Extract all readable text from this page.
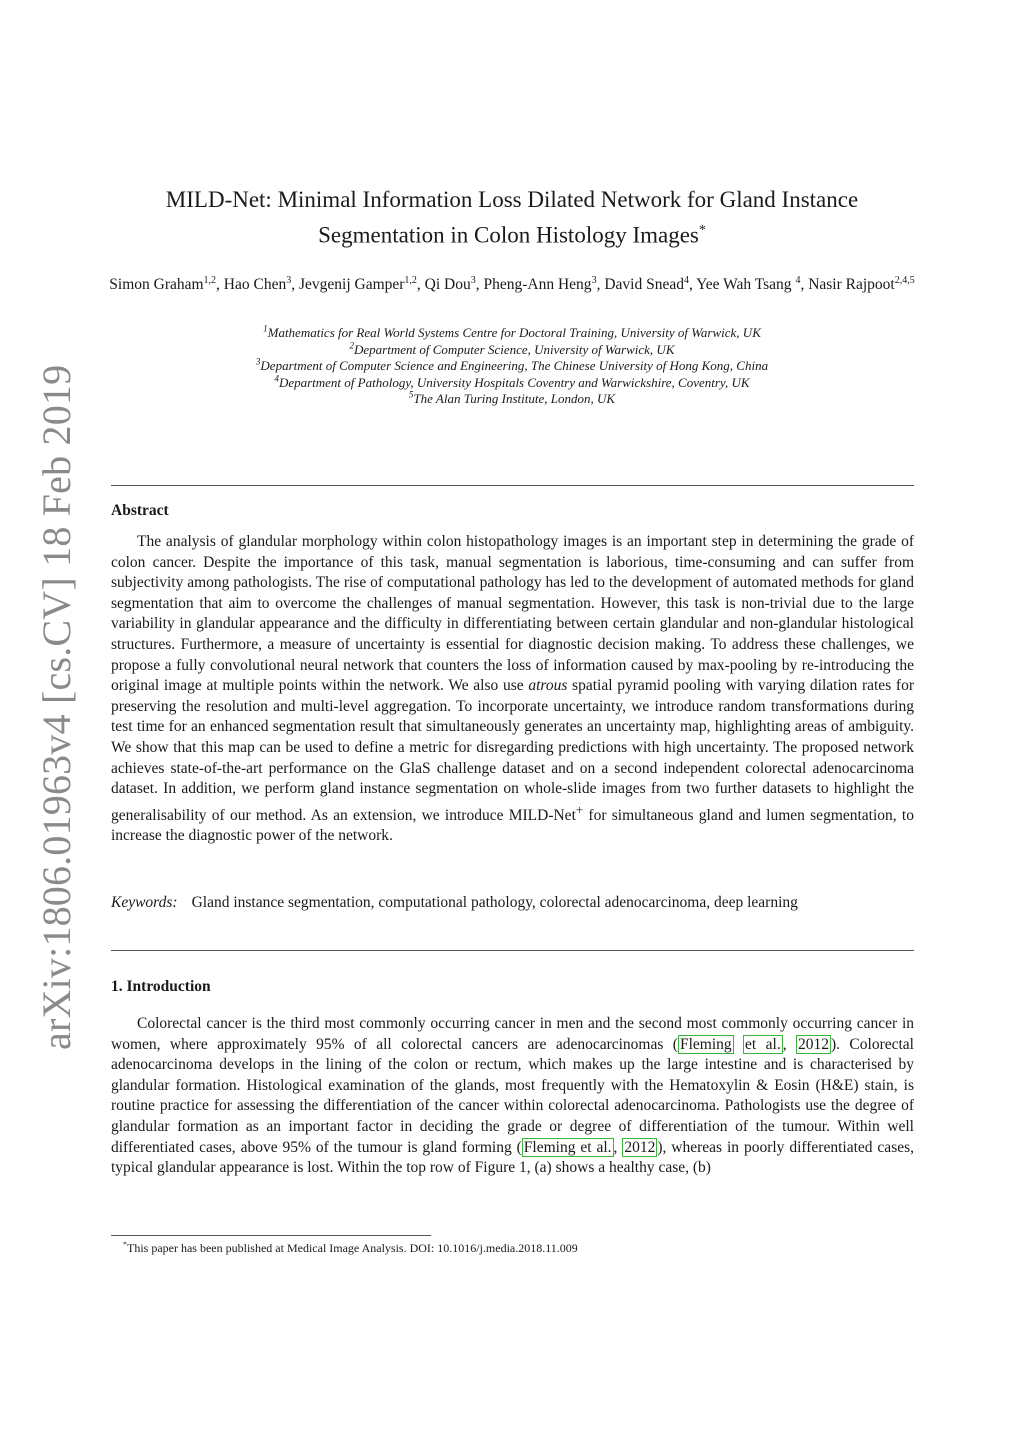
arXiv:1806.01963v4 [cs.CV] 18 Feb 2019
MILD-Net: Minimal Information Loss Dilated Network for Gland Instance
Segmentation in Colon Histology Images*
Simon Graham$^{1,2}$, Hao Chen$^3$, Jevgenij Gamper$^{1,2}$, Qi Dou$^3$, Pheng-Ann Heng$^3$, David Snead$^4$, Yee Wah Tsang $^4$, Nasir Rajpoot$^{2,4,5}$
$^1$Mathematics for Real World Systems Centre for Doctoral Training, University of Warwick, UK
$^2$Department of Computer Science, University of Warwick, UK
$^3$Department of Computer Science and Engineering, The Chinese University of Hong Kong, China
$^4$Department of Pathology, University Hospitals Coventry and Warwickshire, Coventry, UK
$^5$The Alan Turing Institute, London, UK
Abstract
The analysis of glandular morphology within colon histopathology images is an important step in determining the grade of colon cancer. Despite the importance of this task, manual segmentation is laborious, time-consuming and can suffer from subjectivity among pathologists. The rise of computational pathology has led to the development of automated methods for gland segmentation that aim to overcome the challenges of manual segmentation. However, this task is non-trivial due to the large variability in glandular appearance and the difficulty in differentiating between certain glandular and non-glandular histological structures. Furthermore, a measure of uncertainty is essential for diagnostic decision making. To address these challenges, we propose a fully convolutional neural network that counters the loss of information caused by max-pooling by re-introducing the original image at multiple points within the network. We also use atrous spatial pyramid pooling with varying dilation rates for preserving the resolution and multi-level aggregation. To incorporate uncertainty, we introduce random transformations during test time for an enhanced segmentation result that simultaneously generates an uncertainty map, highlighting areas of ambiguity. We show that this map can be used to define a metric for disregarding predictions with high uncertainty. The proposed network achieves state-of-the-art performance on the GlaS challenge dataset and on a second independent colorectal adenocarcinoma dataset. In addition, we perform gland instance segmentation on whole-slide images from two further datasets to highlight the generalisability of our method. As an extension, we introduce MILD-Net+ for simultaneous gland and lumen segmentation, to increase the diagnostic power of the network.
Keywords: Gland instance segmentation, computational pathology, colorectal adenocarcinoma, deep learning
1. Introduction
Colorectal cancer is the third most commonly occurring cancer in men and the second most commonly occurring cancer in women, where approximately 95% of all colorectal cancers are adenocarcinomas ( Fleming et al. , 2012 ). Colorectal adenocarcinoma develops in the lining of the colon or rectum, which makes up the large intestine and is characterised by glandular formation. Histological examination of the glands, most frequently with the Hematoxylin & Eosin (H&E) stain, is routine practice for assessing the differentiation of the cancer within colorectal adenocarcinoma. Pathologists use the degree of glandular formation as an important factor in deciding the grade or degree of differentiation of the tumour. Within well differentiated cases, above 95% of the tumour is gland forming ( Fleming et al. , 2012 ), whereas in poorly differentiated cases, typical glandular appearance is lost. Within the top row of Figure 1, (a) shows a healthy case, (b)
*This paper has been published at Medical Image Analysis. DOI: 10.1016/j.media.2018.11.009
